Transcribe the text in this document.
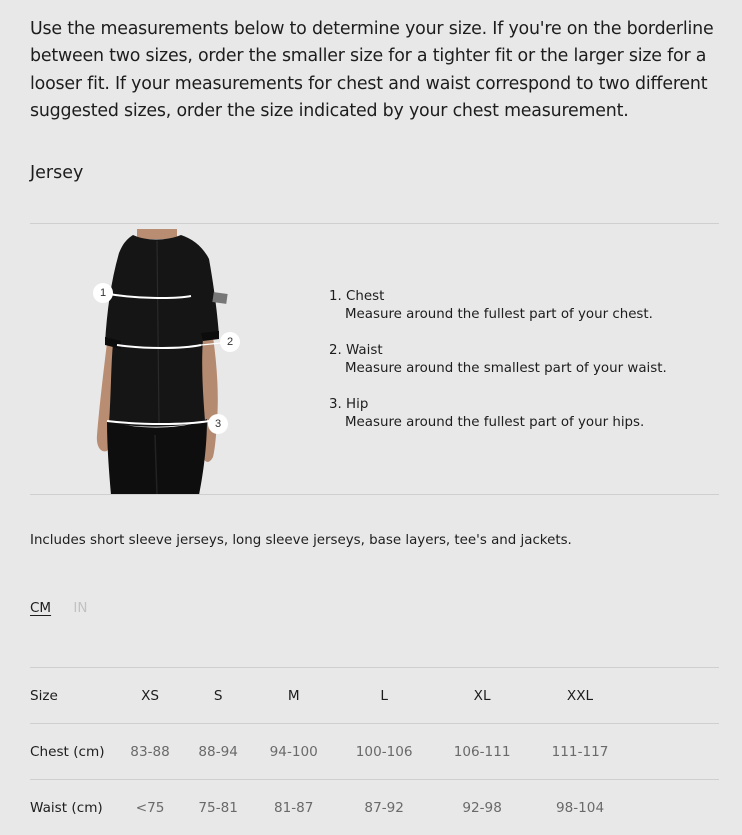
Use the measurements below to determine your size. If you're on the borderline between two sizes, order the smaller size for a tighter fit or the larger size for a looser fit. If your measurements for chest and waist correspond to two different suggested sizes, order the size indicated by your chest measurement.

Jersey
1
2
3
1. Chest
Measure around the fullest part of your chest.
2. Waist
Measure around the smallest part of your waist.
3. Hip
Measure around the fullest part of your hips.

Includes short sleeve jerseys, long sleeve jerseys, base layers, tee's and jackets.

CM IN
Size	XS	S	M	L	XL	XXL	
Chest (cm)	83-88	88-94	94-100	100-106	106-111	111-117	
Waist (cm)	<75	75-81	81-87	87-92	92-98	98-104	
